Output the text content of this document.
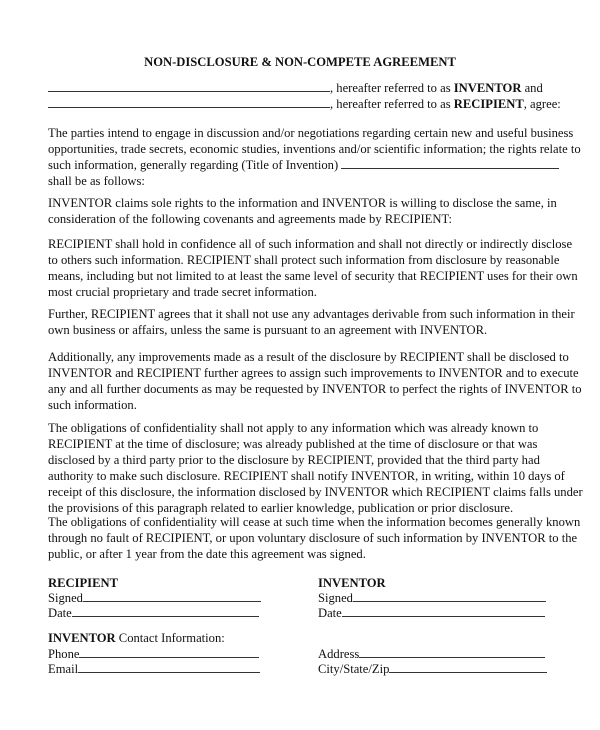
NON-DISCLOSURE & NON-COMPETE AGREEMENT
, hereafter referred to as INVENTOR and
, hereafter referred to as RECIPIENT, agree:
The parties intend to engage in discussion and/or negotiations regarding certain new and useful business
opportunities, trade secrets, economic studies, inventions and/or scientific information; the rights relate to
such information, generally regarding (Title of Invention)
shall be as follows:
INVENTOR claims sole rights to the information and INVENTOR is willing to disclose the same, in
consideration of the following covenants and agreements made by RECIPIENT:
RECIPIENT shall hold in confidence all of such information and shall not directly or indirectly disclose
to others such information. RECIPIENT shall protect such information from disclosure by reasonable
means, including but not limited to at least the same level of security that RECIPIENT uses for their own
most crucial proprietary and trade secret information.
Further, RECIPIENT agrees that it shall not use any advantages derivable from such information in their
own business or affairs, unless the same is pursuant to an agreement with INVENTOR.
Additionally, any improvements made as a result of the disclosure by RECIPIENT shall be disclosed to
INVENTOR and RECIPIENT further agrees to assign such improvements to INVENTOR and to execute
any and all further documents as may be requested by INVENTOR to perfect the rights of INVENTOR to
such information.
The obligations of confidentiality shall not apply to any information which was already known to
RECIPIENT at the time of disclosure; was already published at the time of disclosure or that was
disclosed by a third party prior to the disclosure by RECIPIENT, provided that the third party had
authority to make such disclosure. RECIPIENT shall notify INVENTOR, in writing, within 10 days of
receipt of this disclosure, the information disclosed by INVENTOR which RECIPIENT claims falls under
the provisions of this paragraph related to earlier knowledge, publication or prior disclosure.
The obligations of confidentiality will cease at such time when the information becomes generally known
through no fault of RECIPIENT, or upon voluntary disclosure of such information by INVENTOR to the
public, or after 1 year from the date this agreement was signed.
RECIPIENT
Signed
Date
INVENTOR
Signed
Date
INVENTOR Contact Information:
Phone
Email
Address
City/State/Zip
